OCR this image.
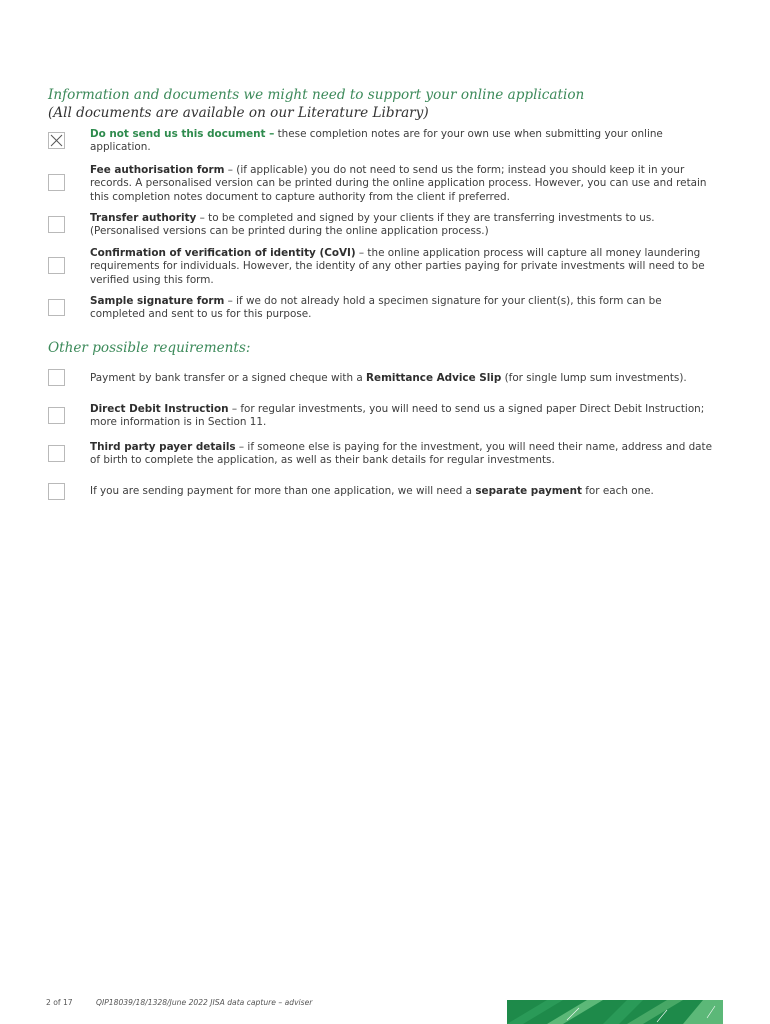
Information and documents we might need to support your online application
(All documents are available on our Literature Library)
Do not send us this document – these completion notes are for your own use when submitting your online application.
Fee authorisation form – (if applicable) you do not need to send us the form; instead you should keep it in your records. A personalised version can be printed during the online application process. However, you can use and retain this completion notes document to capture authority from the client if preferred.
Transfer authority – to be completed and signed by your clients if they are transferring investments to us. (Personalised versions can be printed during the online application process.)
Confirmation of verification of identity (CoVI) – the online application process will capture all money laundering requirements for individuals. However, the identity of any other parties paying for private investments will need to be verified using this form.
Sample signature form – if we do not already hold a specimen signature for your client(s), this form can be completed and sent to us for this purpose.
Other possible requirements:
Payment by bank transfer or a signed cheque with a Remittance Advice Slip (for single lump sum investments).
Direct Debit Instruction – for regular investments, you will need to send us a signed paper Direct Debit Instruction; more information is in Section 11.
Third party payer details – if someone else is paying for the investment, you will need their name, address and date of birth to complete the application, as well as their bank details for regular investments.
If you are sending payment for more than one application, we will need a separate payment for each one.
2 of 17	QIP18039/18/1328/June 2022 JISA data capture – adviser
